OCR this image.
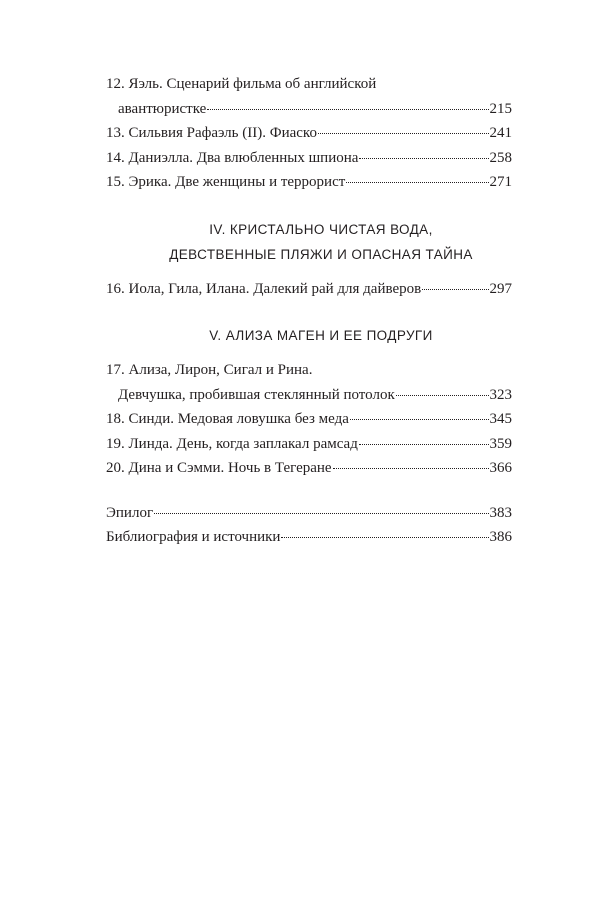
12. Яэль. Сценарий фильма об английской
авантюристке	215
13. Сильвия Рафаэль (II). Фиаско	241
14. Даниэлла. Два влюбленных шпиона	258
15. Эрика. Две женщины и террорист	271
IV. КРИСТАЛЬНО ЧИСТАЯ ВОДА,
ДЕВСТВЕННЫЕ ПЛЯЖИ И ОПАСНАЯ ТАЙНА
16. Иола, Гила, Илана. Далекий рай для дайверов	297
V. АЛИЗА МАГЕН И ЕЕ ПОДРУГИ
17. Ализа, Лирон, Сигал и Рина.
Девчушка, пробившая стеклянный потолок	323
18. Синди. Медовая ловушка без меда	345
19. Линда. День, когда заплакал рамсад	359
20. Дина и Сэмми. Ночь в Тегеране	366
Эпилог	383
Библиография и источники	386
